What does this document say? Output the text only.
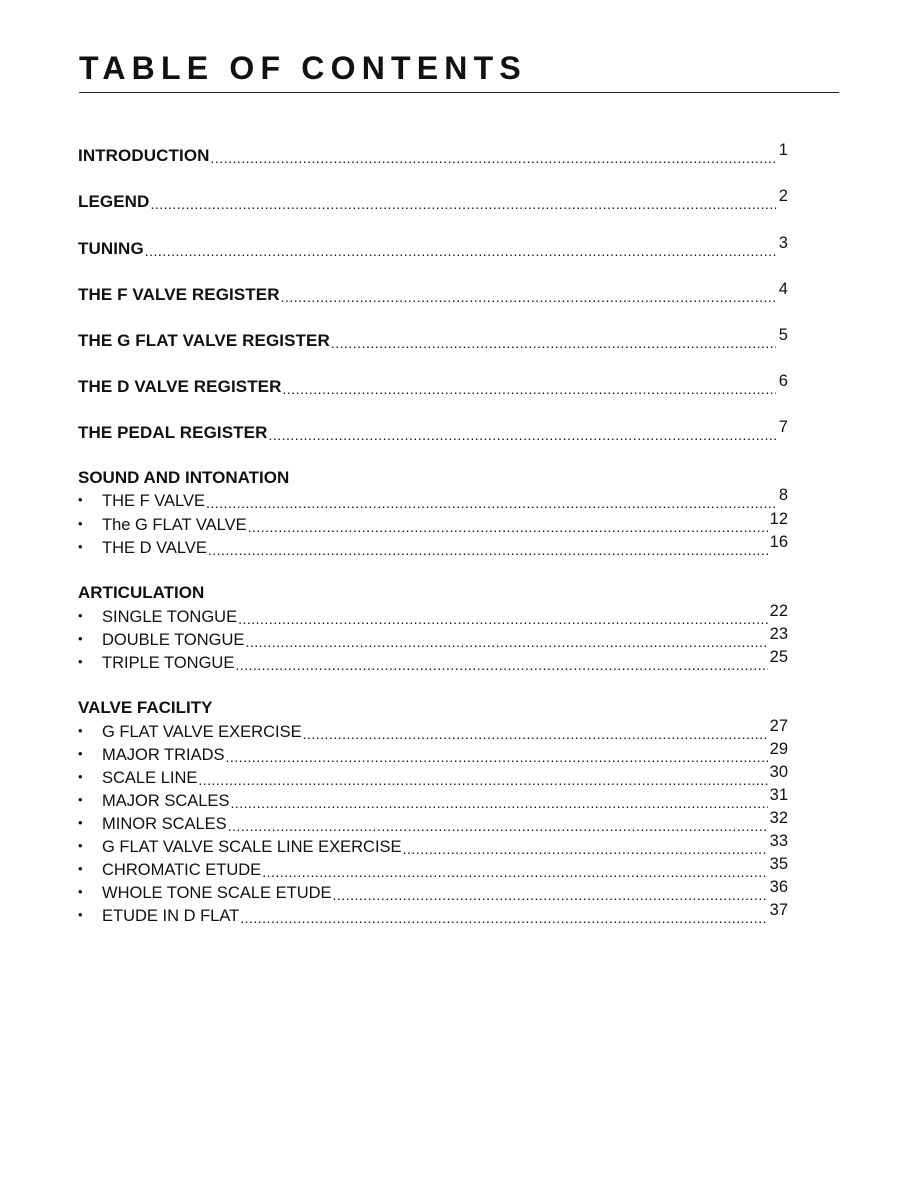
TABLE OF CONTENTS
INTRODUCTION .....	1
LEGEND .....	2
TUNING .....	3
THE F VALVE REGISTER .....	4
THE G FLAT VALVE REGISTER .....	5
THE D VALVE REGISTER .....	6
THE PEDAL REGISTER .....	7
SOUND AND INTONATION
•	THE F VALVE .....	8
•	The G FLAT VALVE .....	12
•	THE D VALVE .....	16
ARTICULATION
•	SINGLE TONGUE .....	22
•	DOUBLE TONGUE .....	23
•	TRIPLE TONGUE .....	25
VALVE FACILITY
•	G FLAT VALVE EXERCISE .....	27
•	MAJOR TRIADS .....	29
•	SCALE LINE .....	30
•	MAJOR SCALES .....	31
•	MINOR SCALES .....	32
•	G FLAT VALVE SCALE LINE EXERCISE .....	33
•	CHROMATIC ETUDE .....	35
•	WHOLE TONE SCALE ETUDE .....	36
•	ETUDE IN D FLAT .....	37
